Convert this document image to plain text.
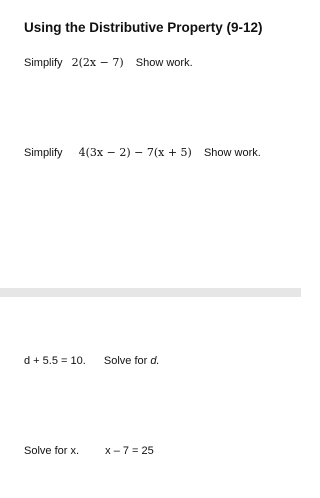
Using the Distributive Property (9-12)
Simplify 2(2x − 7) Show work.
Simplify 4(3x − 2) − 7(x + 5) Show work.
d + 5.5 = 10. Solve for d.
Solve for x. x – 7 = 25
